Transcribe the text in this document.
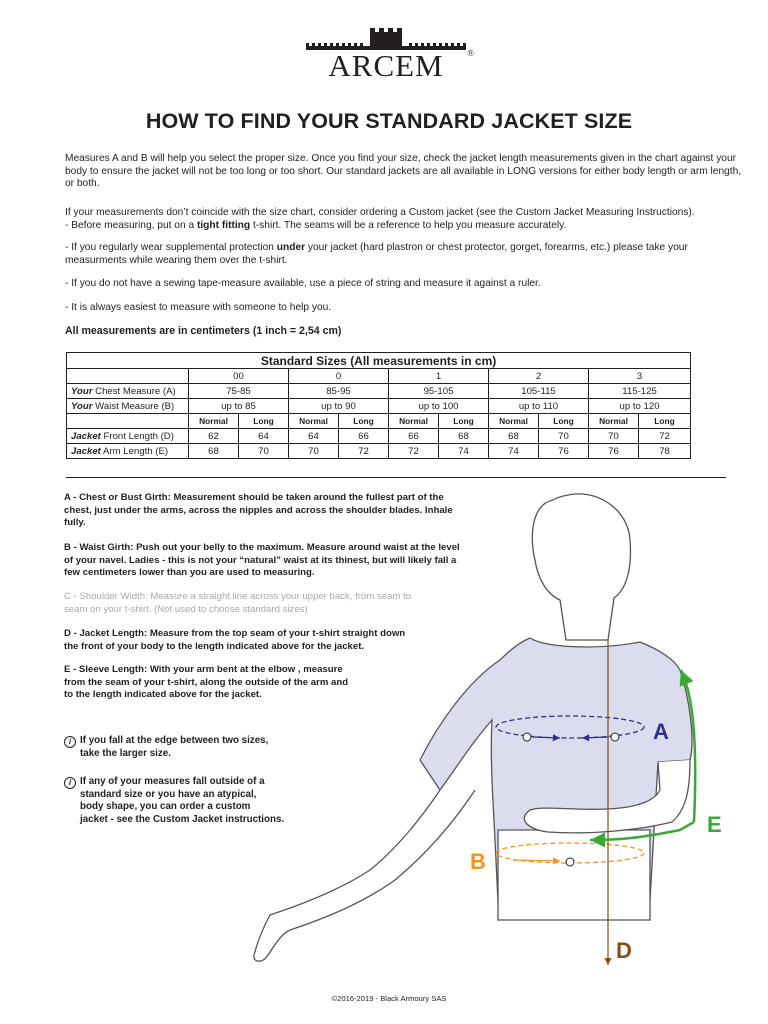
ARCEM	®
HOW TO FIND YOUR STANDARD JACKET SIZE

Measures A and B will help you select the proper size. Once you find your size, check the jacket length measurements given in the chart against your body to ensure the jacket will not be too long or too short. Our standard jackets are all available in LONG versions for either body length or arm length, or both.

If your measurements don’t coincide with the size chart, consider ordering a Custom jacket (see the Custom Jacket Measuring Instructions).
- Before measuring, put on a tight fitting t-shirt. The seams will be a reference to help you measure accurately.

- If you regularly wear supplemental protection under your jacket (hard plastron or chest protector, gorget, forearms, etc.) please take your measurments while wearing them over the t-shirt.

- If you do not have a sewing tape-measure available, use a piece of string and measure it against a ruler.

- It is always easiest to measure with someone to help you.

All measurements are in centimeters (1 inch = 2,54 cm)

Standard Sizes (All measurements in cm)										
	00		0		1		2		3	
Your Chest Measure (A)	75-85		85-95		95-105		105-115		115-125	
Your Waist Measure (B)	up to 85		up to 90		up to 100		up to 110		up to 120	
	Normal	Long	Normal	Long	Normal	Long	Normal	Long	Normal	Long
Jacket Front Length (D)	62	64	64	66	66	68	68	70	70	72
Jacket Arm Length (E)	68	70	70	72	72	74	74	76	76	78
A
B
D
E

A - Chest or Bust Girth: Measurement should be taken around the fullest part of the
chest, just under the arms, across the nipples and across the shoulder blades. Inhale
fully.

B - Waist Girth: Push out your belly to the maximum. Measure around waist at the level
of your navel. Ladies - this is not your “natural” waist at its thinest, but will likely fall a
few centimeters lower than you are used to measuring.

C - Shoulder Width: Measure a straight line across your upper back, from seam to
seam on your t-shirt. (Not used to choose standard sizes)

D - Jacket Length: Measure from the top seam of your t-shirt straight down
the front of your body to the length indicated above for the jacket.

E - Sleeve Length: With your arm bent at the elbow , measure
from the seam of your t-shirt, along the outside of the arm and
to the length indicated above for the jacket.

i If you fall at the edge between two sizes,
take the larger size.
i If any of your measures fall outside of a
standard size or you have an atypical,
body shape, you can order a custom
jacket - see the Custom Jacket instructions.
©2016-2019 - Black Armoury SAS
